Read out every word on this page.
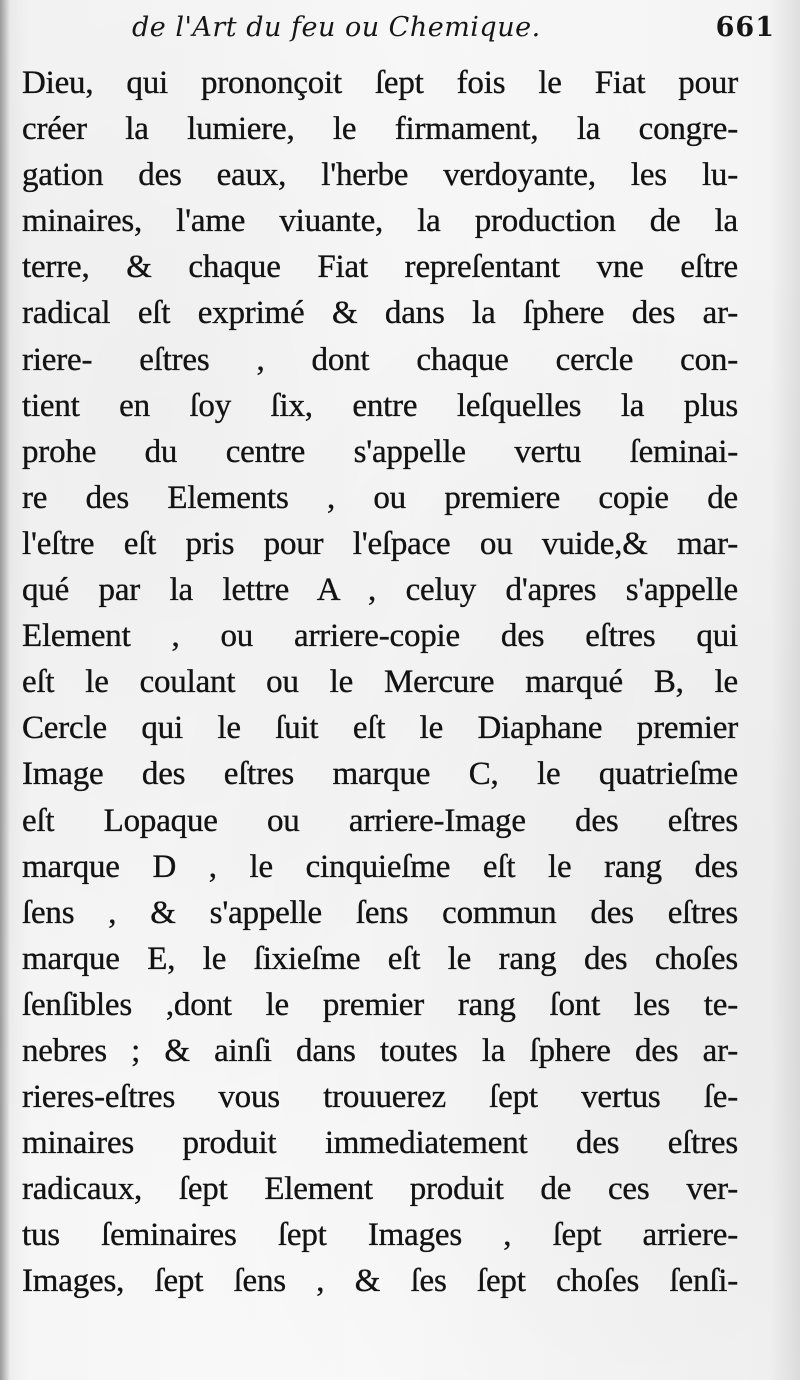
de l'Art du feu ou Chemique.	661
Dieu, qui prononçoit ſept fois le Fiat pour
créer la lumiere, le firmament, la congre-
gation des eaux, l'herbe verdoyante, les lu-
minaires, l'ame viuante, la production de la
terre, & chaque Fiat repreſentant vne eſtre
radical eſt exprimé & dans la ſphere des ar-
riere- eſtres , dont chaque cercle con-
tient en ſoy ſix, entre leſquelles la plus
prohe du centre s'appelle vertu ſeminai-
re des Elements , ou premiere copie de
l'eſtre eſt pris pour l'eſpace ou vuide,& mar-
qué par la lettre A , celuy d'apres s'appelle
Element , ou arriere-copie des eſtres qui
eſt le coulant ou le Mercure marqué B, le
Cercle qui le ſuit eſt le Diaphane premier
Image des eſtres marque C, le quatrieſme
eſt Lopaque ou arriere-Image des eſtres
marque D , le cinquieſme eſt le rang des
ſens , & s'appelle ſens commun des eſtres
marque E, le ſixieſme eſt le rang des choſes
ſenſibles ,dont le premier rang ſont les te-
nebres ; & ainſi dans toutes la ſphere des ar-
rieres-eſtres vous trouuerez ſept vertus ſe-
minaires produit immediatement des eſtres
radicaux, ſept Element produit de ces ver-
tus ſeminaires ſept Images , ſept arriere-
Images, ſept ſens , & ſes ſept choſes ſenſi-
